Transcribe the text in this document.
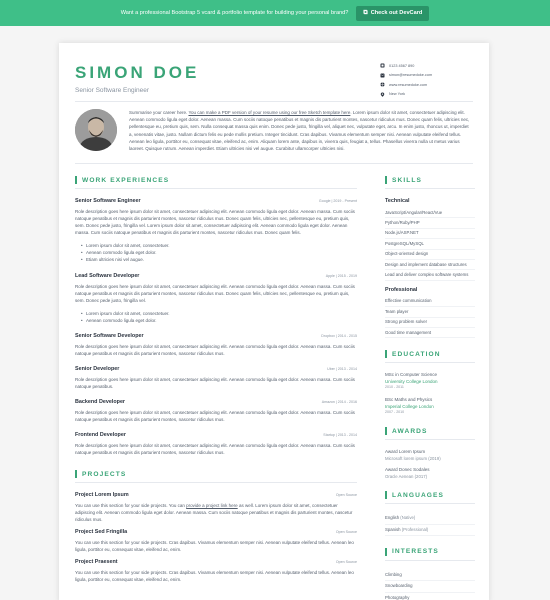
Want a professional Bootstrap 5 vcard & portfolio template for building your personal brand?	⧉ Check out DevCard
SIMON DOE
Senior Software Engineer
0123 4567 890
simon@resumedoke.com
www.resumedoke.com
New York
Summarise your career here. You can make a PDF version of your resume using our free Sketch template here. Lorem ipsum dolor sit amet, consectetuer adipiscing elit. Aenean commodo ligula eget dolor. Aenean massa. Cum sociis natoque penatibus et magnis dis parturient montes, nascetur ridiculus mus. Donec quam felis, ultricies nec, pellentesque eu, pretium quis, sem. Nulla consequat massa quis enim. Donec pede justo, fringilla vel, aliquet nec, vulputate eget, arcu. In enim justo, rhoncus ut, imperdiet a, venenatis vitae, justo. Nullam dictum felis eu pede mollis pretium. Integer tincidunt. Cras dapibus. Vivamus elementum semper nisi. Aenean vulputate eleifend tellus. Aenean leo ligula, porttitor eu, consequat vitae, eleifend ac, enim. Aliquam lorem ante, dapibus in, viverra quis, feugiat a, tellus. Phasellus viverra nulla ut metus varius laoreet. Quisque rutrum. Aenean imperdiet. Etiam ultricies nisi vel augue. Curabitur ullamcorper ultricies nisi.
WORK EXPERIENCES
Senior Software Engineer	Google | 2019 - Present
Role description goes here ipsum dolor sit amet, consectetuer adipiscing elit. Aenean commodo ligula eget dolor. Aenean massa. Cum sociis natoque penatibus et magnis dis parturient montes, nascetur ridiculus mus. Donec quam felis, ultricies nec, pellentesque eu, pretium quis, sem. Donec pede justo, fringilla vel. Lorem ipsum dolor sit amet, consectetuer adipiscing elit. Aenean commodo ligula eget dolor. Aenean massa. Cum sociis natoque penatibus et magnis dis parturient montes, nascetur ridiculus mus. Donec quam felis.
• Lorem ipsum dolor sit amet, consectetuer.
• Aenean commodo ligula eget dolor.
• Etiam ultricies nisi vel augue.
Lead Software Developer	Apple | 2015 - 2019
Role description goes here ipsum dolor sit amet, consectetuer adipiscing elit. Aenean commodo ligula eget dolor. Aenean massa. Cum sociis natoque penatibus et magnis dis parturient montes, nascetur ridiculus mus. Donec quam felis, ultricies nec, pellentesque eu, pretium quis, sem. Donec pede justo, fringilla vel.
• Lorem ipsum dolor sit amet, consectetuer.
• Aenean commodo ligula eget dolor.
Senior Software Developer	Dropbox | 2014 - 2015
Role description goes here ipsum dolor sit amet, consectetuer adipiscing elit. Aenean commodo ligula eget dolor. Aenean massa. Cum sociis natoque penatibus et magnis dis parturient montes, nascetur ridiculus mus.
Senior Developer	Uber | 2013 - 2014
Role description goes here ipsum dolor sit amet, consectetuer adipiscing elit. Aenean commodo ligula eget dolor. Aenean massa. Cum sociis natoque penatibus.
Backend Developer	Amazon | 2014 - 2016
Role description goes here ipsum dolor sit amet, consectetuer adipiscing elit. Aenean commodo ligula eget dolor. Aenean massa. Cum sociis natoque penatibus et magnis dis parturient montes, nascetur ridiculus mus.
Frontend Developer	Startup | 2013 - 2014
Role description goes here ipsum dolor sit amet, consectetuer adipiscing elit. Aenean commodo ligula eget dolor. Aenean massa. Cum sociis natoque penatibus et magnis dis parturient montes, nascetur ridiculus mus.
PROJECTS
Project Lorem Ipsum	Open Source
You can use this section for your side projects. You can provide a project link here as well. Lorem ipsum dolor sit amet, consectetuer adipiscing elit. Aenean commodo ligula eget dolor. Aenean massa. Cum sociis natoque penatibus et magnis dis parturient montes, nascetur ridiculus mus.
Project Sed Fringilla	Open Source
You can use this section for your side projects. Cras dapibus. Vivamus elementum semper nisi. Aenean vulputate eleifend tellus. Aenean leo ligula, porttitor eu, consequat vitae, eleifend ac, enim.
Project Praesent	Open Source
You can use this section for your side projects. Cras dapibus. Vivamus elementum semper nisi. Aenean vulputate eleifend tellus. Aenean leo ligula, porttitor eu, consequat vitae, eleifend ac, enim.
SKILLS
Technical
JavaScript/Angular/React/Vue
Python/Ruby/PHP
Node.js/ASP.NET
PostgreSQL/MySQL
Object-oriented design
Design and implement database structures
Lead and deliver complex software systems
Professional
Effective communication
Team player
Strong problem solver
Good time management
EDUCATION
MSc in Computer Science
University College London
2010 - 2011
BSc Maths and Physics
Imperial College London
2007 - 2010
AWARDS
Award Lorem Ipsum
Microsoft lorem ipsum (2019)
Award Donec Sodales
Oracle Aenean (2017)
LANGUAGES
English (Native)
Spanish (Professional)
INTERESTS
Climbing
Snowboarding
Photography
